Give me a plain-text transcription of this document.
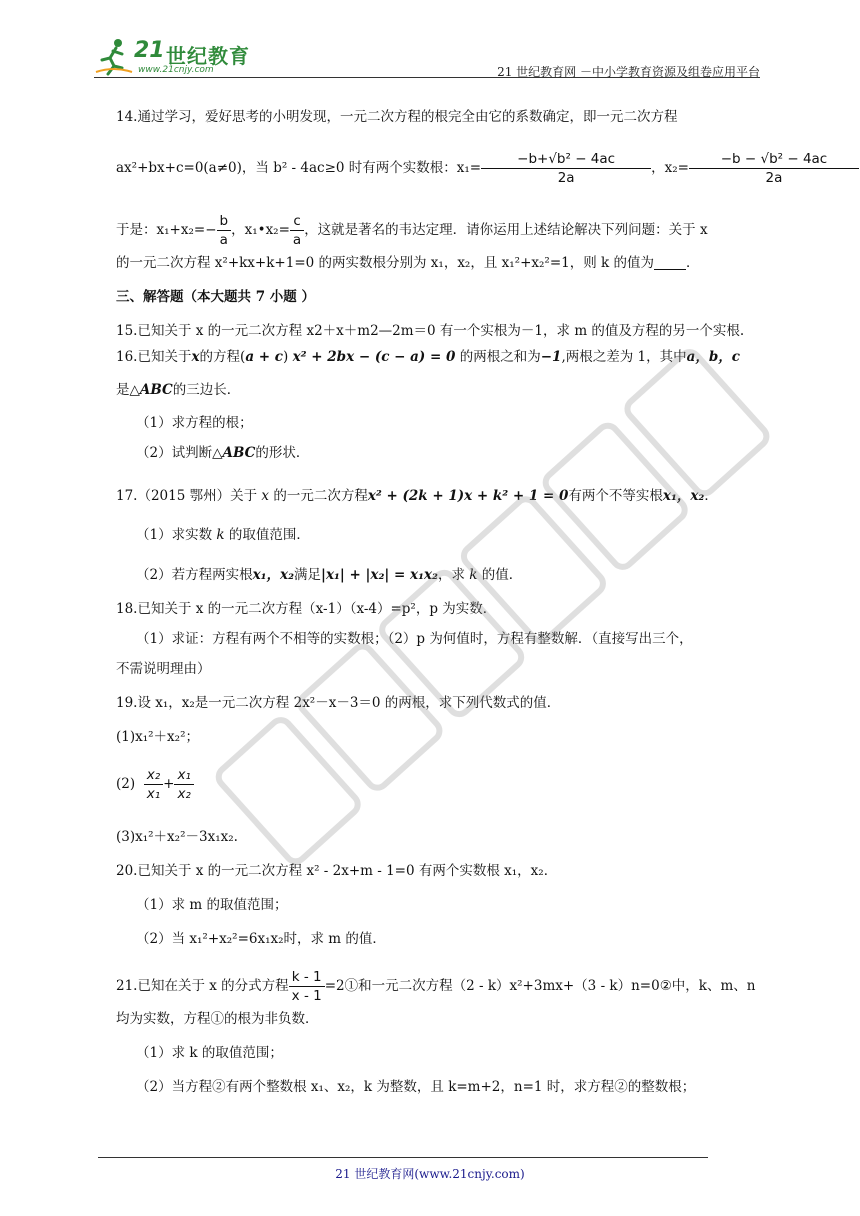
21 世纪教育
www.21cnjy.com	21 世纪教育网 －中小学教育资源及组卷应用平台
14.通过学习，爱好思考的小明发现，一元二次方程的根完全由它的系数确定，即一元二次方程
ax²+bx+c=0(a≠0)，当 b² - 4ac≥0 时有两个实数根：$x_1= \frac{\text{−b+√b² − 4ac}}{2a}$ ，$x_2= \frac{\text{−b − √b² − 4ac}}{2a}$
于是：$x_1+x_2=- \frac{b}{a}$ ，x₁•x₂= $\frac{c}{a}$ ，这就是著名的韦达定理．请你运用上述结论解决下列问题：关于 x
的一元二次方程 x²+kx+k+1=0 的两实数根分别为 x₁，x₂，且 x₁²+x₂²=1，则 k 的值为 ．
三、解答题（本大题共 7 小题 ）
15.已知关于 x 的一元二次方程 x2＋x＋m2—2m＝0 有一个实根为－1，求 m 的值及方程的另一个实根.
16.已知关于x的方程(a + c) x² + 2bx − (c − a) = 0 的两根之和为−1,两根之差为 1，其中a，b，c
是△ABC的三边长．
（1）求方程的根；
（2）试判断△ABC的形状．
17.（2015 鄂州）关于 x 的一元二次方程x² + (2k + 1)x + k² + 1 = 0有两个不等实根x₁，x₂．
（1）求实数 k 的取值范围．
（2）若方程两实根x₁，x₂满足|x₁| + |x₂| = x₁x₂，求 k 的值．
18.已知关于 x 的一元二次方程（x-1）（x-4）=p²，p 为实数．
（1）求证：方程有两个不相等的实数根；（2）p 为何值时，方程有整数解．（直接写出三个，
不需说明理由）
19.设 x₁，x₂是一元二次方程 2x²－x－3＝0 的两根，求下列代数式的值．
(1)x₁²＋x₂²；
$(2) \frac{\text{x₂}}{\text{x₁}} + \frac{\text{x₁}}{\text{x₂}}$
(3)x₁²＋x₂²－3x₁x₂.
20.已知关于 x 的一元二次方程 x² - 2x+m - 1=0 有两个实数根 x₁，x₂．
（1）求 m 的取值范围；
（2）当 x₁²+x₂²=6x₁x₂时，求 m 的值．
21.已知在关于 x 的分式方程 $\frac{k - 1}{x - 1}$ =2①和一元二次方程（2 - k）x²+3mx+（3 - k）n=0②中，k、m、n
均为实数，方程①的根为非负数．
（1）求 k 的取值范围；
（2）当方程②有两个整数根 x₁、x₂，k 为整数，且 k=m+2，n=1 时，求方程②的整数根；
21 世纪教育网(www.21cnjy.com)
